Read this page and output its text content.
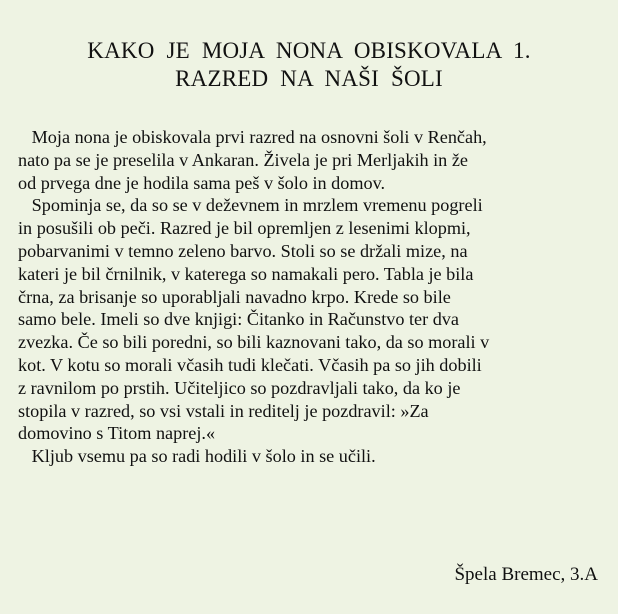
KAKO JE MOJA NONA OBISKOVALA 1.
RAZRED NA NAŠI ŠOLI
Moja nona je obiskovala prvi razred na osnovni šoli v Renčah,
nato pa se je preselila v Ankaran. Živela je pri Merljakih in že
od prvega dne je hodila sama peš v šolo in domov.
Spominja se, da so se v deževnem in mrzlem vremenu pogreli
in posušili ob peči. Razred je bil opremljen z lesenimi klopmi,
pobarvanimi v temno zeleno barvo. Stoli so se držali mize, na
kateri je bil črnilnik, v katerega so namakali pero. Tabla je bila
črna, za brisanje so uporabljali navadno krpo. Krede so bile
samo bele. Imeli so dve knjigi: Čitanko in Računstvo ter dva
zvezka. Če so bili poredni, so bili kaznovani tako, da so morali v
kot. V kotu so morali včasih tudi klečati. Včasih pa so jih dobili
z ravnilom po prstih. Učiteljico so pozdravljali tako, da ko je
stopila v razred, so vsi vstali in reditelj je pozdravil: »Za
domovino s Titom naprej.«
Kljub vsemu pa so radi hodili v šolo in se učili.
Špela Bremec, 3.A
